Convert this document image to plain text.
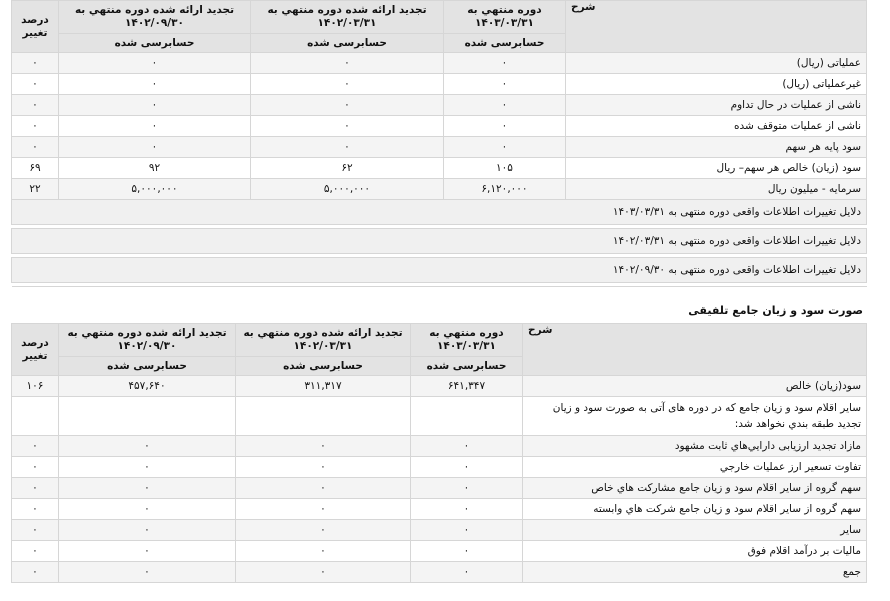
درصد تغيير	تجدید ارائه شده دوره منتهي به ۱۴۰۲/۰۹/۳۰	تجدید ارائه شده دوره منتهي به ۱۴۰۲/۰۳/۳۱	دوره منتهي به ۱۴۰۳/۰۳/۳۱	شرح
	حسابرسی شده	حسابرسی شده	حسابرسی شده	
۰	۰	۰	۰	عملیاتی (ریال)
۰	۰	۰	۰	غیرعملیاتی (ریال)
۰	۰	۰	۰	ناشی از عملیات در حال تداوم
۰	۰	۰	۰	ناشی از عملیات متوقف شده
۰	۰	۰	۰	سود پایه هر سهم
۶۹	۹۲	۶۲	۱۰۵	سود (زیان) خالص هر سهم– ریال
۲۲	۵,۰۰۰,۰۰۰	۵,۰۰۰,۰۰۰	۶,۱۲۰,۰۰۰	سرمایه - میلیون ریال
دلایل تغییرات اطلاعات واقعی دوره منتهی به ۱۴۰۳/۰۳/۳۱				

دلایل تغییرات اطلاعات واقعی دوره منتهی به ۱۴۰۲/۰۳/۳۱				

دلایل تغییرات اطلاعات واقعی دوره منتهی به ۱۴۰۲/۰۹/۳۰				

صورت سود و زیان جامع تلفیقی
درصد تغيير	تجدید ارائه شده دوره منتهي به ۱۴۰۲/۰۹/۳۰	تجدید ارائه شده دوره منتهي به ۱۴۰۲/۰۳/۳۱	دوره منتهي به ۱۴۰۳/۰۳/۳۱	شرح
	حسابرسی شده	حسابرسی شده	حسابرسی شده	
۱۰۶	۴۵۷,۶۴۰	۳۱۱,۳۱۷	۶۴۱,۳۴۷	سود(زیان) خالص
				سایر اقلام سود و زیان جامع که در دوره های آتی به صورت سود و زیان تجدید طبقه بندي نخواهد شد:
۰	۰	۰	۰	مازاد تجدید ارزیابی دارایي‌هاي ثابت مشهود
۰	۰	۰	۰	تفاوت تسعیر ارز عملیات خارجي
۰	۰	۰	۰	سهم گروه از سایر اقلام سود و زیان جامع مشارکت هاي خاص
۰	۰	۰	۰	سهم گروه از سایر اقلام سود و زیان جامع شرکت هاي وابسته
۰	۰	۰	۰	سایر
۰	۰	۰	۰	مالیات بر درآمد اقلام فوق
۰	۰	۰	۰	جمع
